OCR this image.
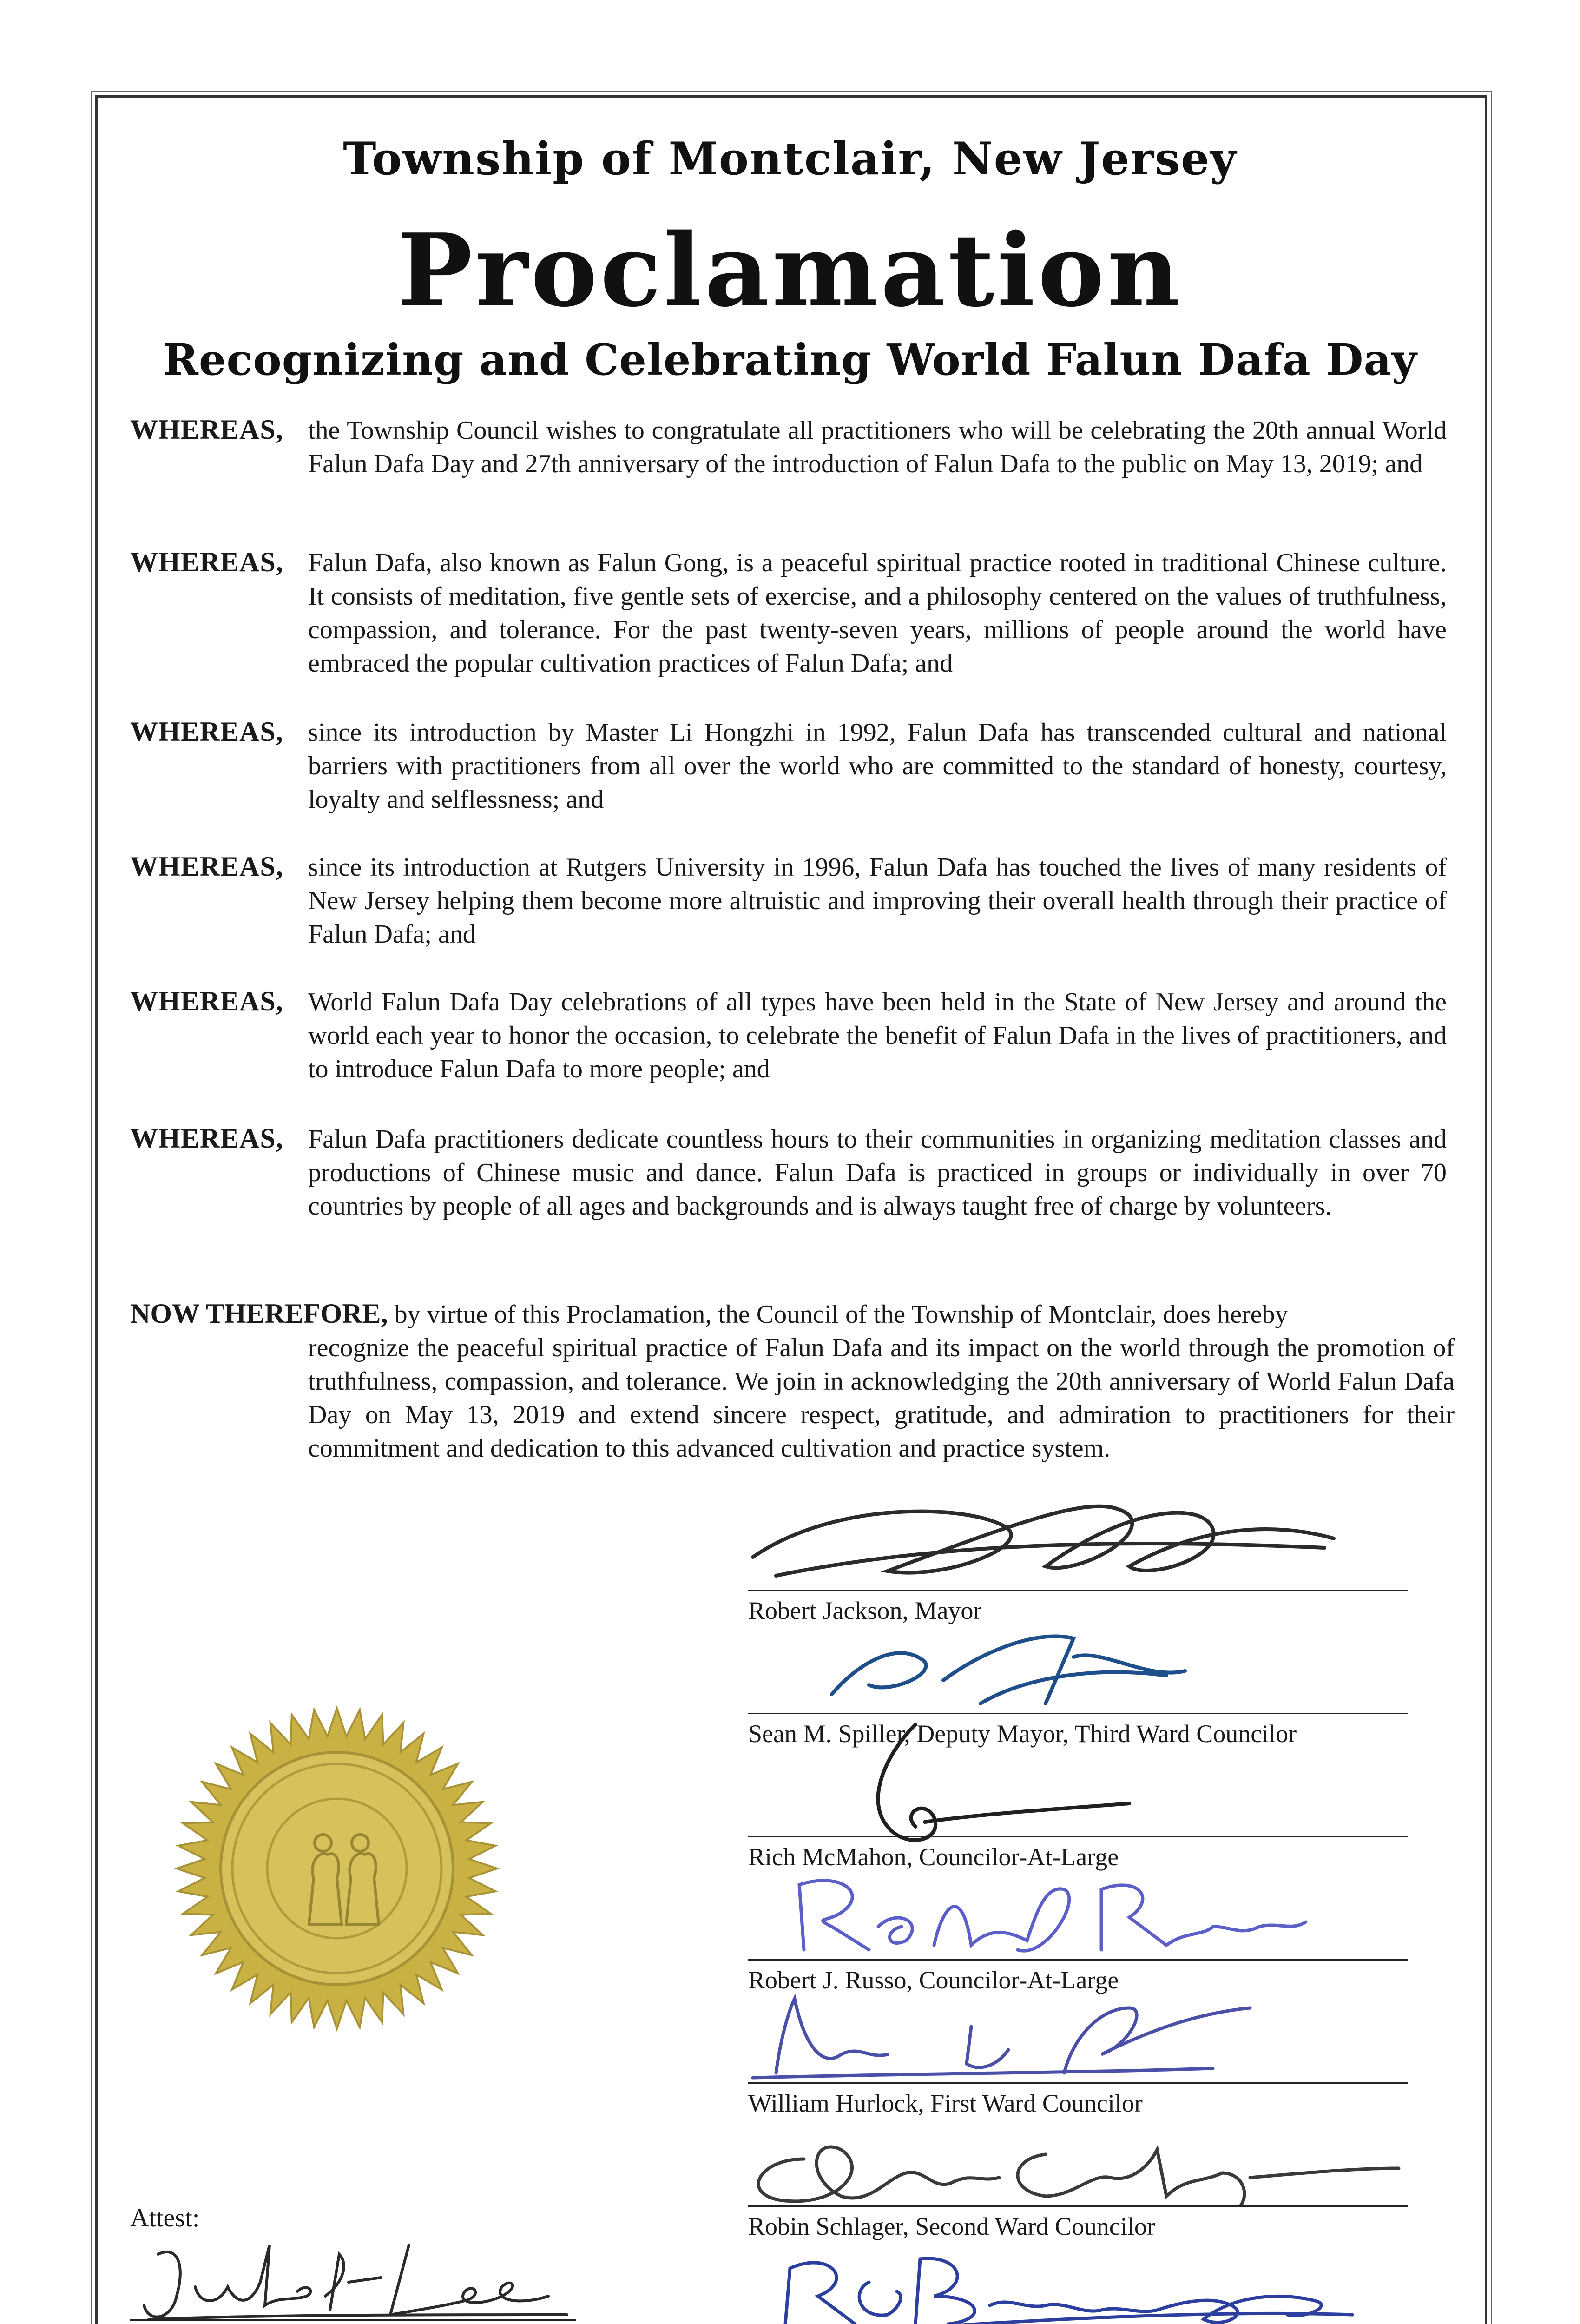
Township of Montclair, New Jersey
Proclamation
Recognizing and Celebrating World Falun Dafa Day
WHEREAS, the Township Council wishes to congratulate all practitioners who will be celebrating the 20th annual World Falun Dafa Day and 27th anniversary of the introduction of Falun Dafa to the public on May 13, 2019; and
WHEREAS, Falun Dafa, also known as Falun Gong, is a peaceful spiritual practice rooted in traditional Chinese culture. It consists of meditation, five gentle sets of exercise, and a philosophy centered on the values of truthfulness, compassion, and tolerance. For the past twenty-seven years, millions of people around the world have embraced the popular cultivation practices of Falun Dafa; and
WHEREAS, since its introduction by Master Li Hongzhi in 1992, Falun Dafa has transcended cultural and national barriers with practitioners from all over the world who are committed to the standard of honesty, courtesy, loyalty and selflessness; and
WHEREAS, since its introduction at Rutgers University in 1996, Falun Dafa has touched the lives of many residents of New Jersey helping them become more altruistic and improving their overall health through their practice of Falun Dafa; and
WHEREAS, World Falun Dafa Day celebrations of all types have been held in the State of New Jersey and around the world each year to honor the occasion, to celebrate the benefit of Falun Dafa in the lives of practitioners, and to introduce Falun Dafa to more people; and
WHEREAS, Falun Dafa practitioners dedicate countless hours to their communities in organizing meditation classes and productions of Chinese music and dance. Falun Dafa is practiced in groups or individually in over 70 countries by people of all ages and backgrounds and is always taught free of charge by volunteers.
NOW THEREFORE, by virtue of this Proclamation, the Council of the Township of Montclair, does hereby
recognize the peaceful spiritual practice of Falun Dafa and its impact on the world through the promotion of truthfulness, compassion, and tolerance. We join in acknowledging the 20th anniversary of World Falun Dafa Day on May 13, 2019 and extend sincere respect, gratitude, and admiration to practitioners for their commitment and dedication to this advanced cultivation and practice system.
Robert Jackson, Mayor
Sean M. Spiller, Deputy Mayor, Third Ward Councilor
Rich McMahon, Councilor-At-Large
Robert J. Russo, Councilor-At-Large
William Hurlock, First Ward Councilor
Robin Schlager, Second Ward Councilor
Attest:
